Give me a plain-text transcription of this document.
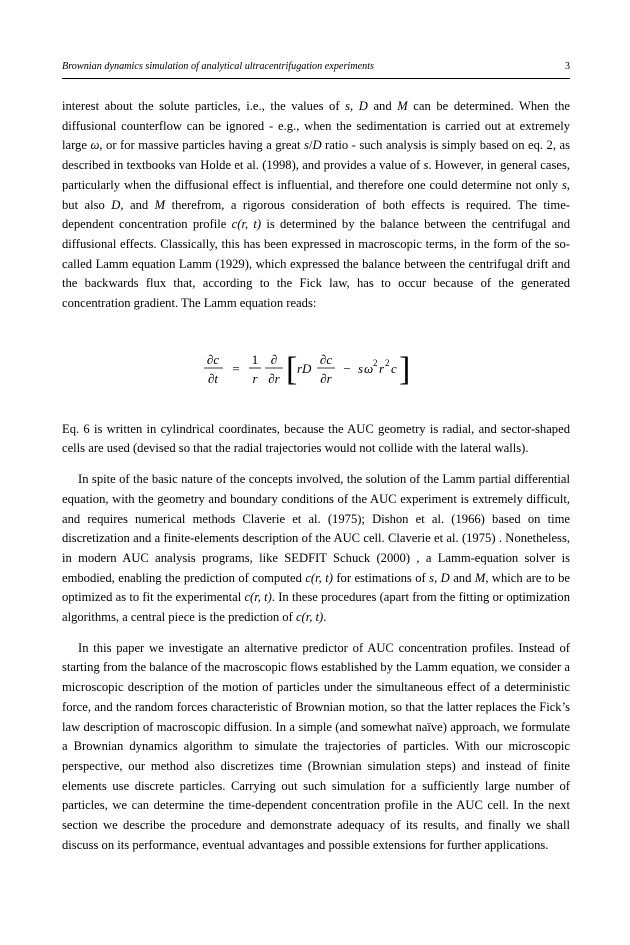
Brownian dynamics simulation of analytical ultracentrifugation experiments	3

interest about the solute particles, i.e., the values of s, D and M can be determined. When the diffusional counterflow can be ignored - e.g., when the sedimentation is carried out at extremely large ω, or for massive particles having a great s/D ratio - such analysis is simply based on eq. 2, as described in textbooks van Holde et al. (1998), and provides a value of s. However, in general cases, particularly when the diffusional effect is influential, and therefore one could determine not only s, but also D, and M therefrom, a rigorous consideration of both effects is required. The time-dependent concentration profile c(r, t) is determined by the balance between the centrifugal and diffusional effects. Classically, this has been expressed in macroscopic terms, in the form of the so-called Lamm equation Lamm (1929), which expressed the balance between the centrifugal drift and the backwards flux that, according to the Fick law, has to occur because of the generated concentration gradient. The Lamm equation reads:

∂c
∂t
=
1
r
∂
∂r [ rD
∂c
∂r
− s ω 2 r 2 c ]

Eq. 6 is written in cylindrical coordinates, because the AUC geometry is radial, and sector-shaped cells are used (devised so that the radial trajectories would not collide with the lateral walls).

In spite of the basic nature of the concepts involved, the solution of the Lamm partial differential equation, with the geometry and boundary conditions of the AUC experiment is extremely difficult, and requires numerical methods Claverie et al. (1975); Dishon et al. (1966) based on time discretization and a finite-elements description of the AUC cell. Claverie et al. (1975) . Nonetheless, in modern AUC analysis programs, like SEDFIT Schuck (2000) , a Lamm-equation solver is embodied, enabling the prediction of computed c(r, t) for estimations of s, D and M, which are to be optimized as to fit the experimental c(r, t). In these procedures (apart from the fitting or optimization algorithms, a central piece is the prediction of c(r, t).

In this paper we investigate an alternative predictor of AUC concentration profiles. Instead of starting from the balance of the macroscopic flows established by the Lamm equation, we consider a microscopic description of the motion of particles under the simultaneous effect of a deterministic force, and the random forces characteristic of Brownian motion, so that the latter replaces the Fick’s law description of macroscopic diffusion. In a simple (and somewhat naïve) approach, we formulate a Brownian dynamics algorithm to simulate the trajectories of particles. With our microscopic perspective, our method also discretizes time (Brownian simulation steps) and instead of finite elements use discrete particles. Carrying out such simulation for a sufficiently large number of particles, we can determine the time-dependent concentration profile in the AUC cell. In the next section we describe the procedure and demonstrate adequacy of its results, and finally we shall discuss on its performance, eventual advantages and possible extensions for further applications.
